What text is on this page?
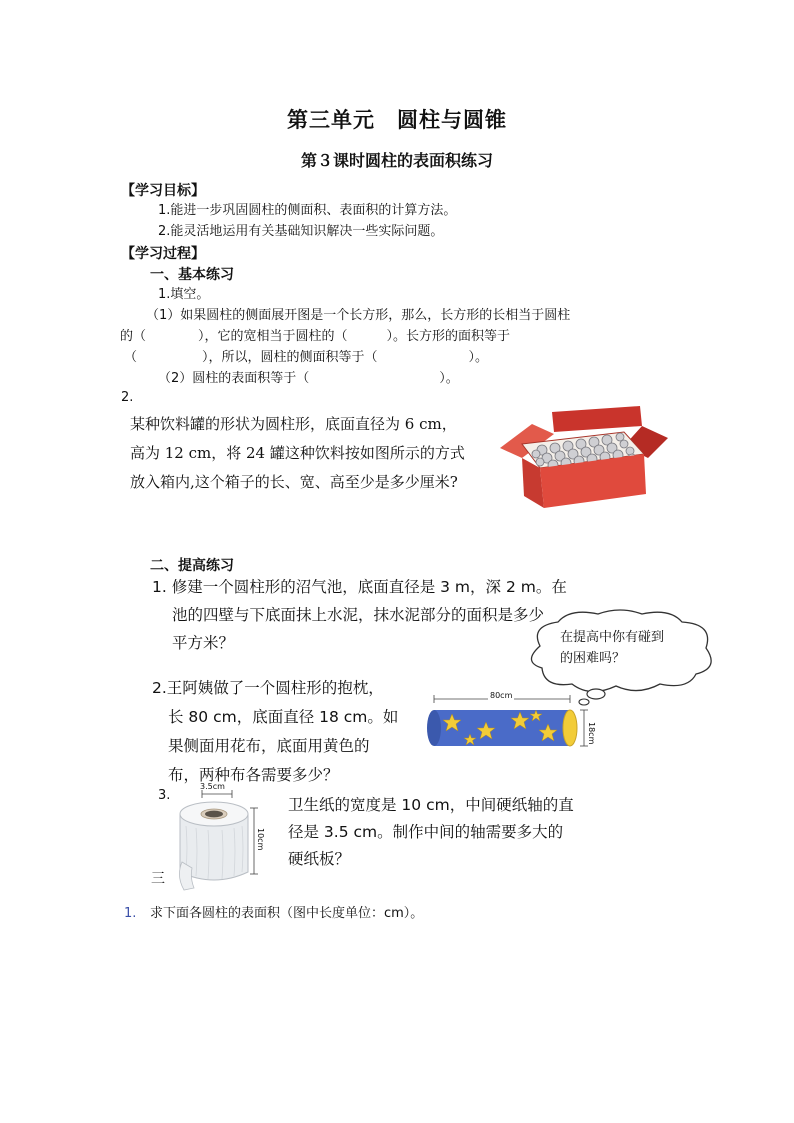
第三单元　圆柱与圆锥
第３课时圆柱的表面积练习
【学习目标】
1.能进一步巩固圆柱的侧面积、表面积的计算方法。
2.能灵活地运用有关基础知识解决一些实际问题。
【学习过程】
一、基本练习
1.填空。
（1）如果圆柱的侧面展开图是一个长方形，那么，长方形的长相当于圆柱
的（　　　　），它的宽相当于圆柱的（　　　）。长方形的面积等于
（　　　　　），所以，圆柱的侧面积等于（　　　　　　　）。
（2）圆柱的表面积等于（　　　　　　　　　　）。
2.
某种饮料罐的形状为圆柱形，底面直径为 6 cm，
高为 12 cm，将 24 罐这种饮料按如图所示的方式
放入箱内,这个箱子的长、宽、高至少是多少厘米?
二、提高练习
1. 修建一个圆柱形的沼气池，底面直径是 3 m，深 2 m。在
池的四壁与下底面抹上水泥，抹水泥部分的面积是多少
平方米？	在提高中你有碰到
的困难吗？
2.王阿姨做了一个圆柱形的抱枕，
长 80 cm，底面直径 18 cm。如
果侧面用花布，底面用黄色的
布，两种布各需要多少？
80cm
18cm
3.
3.5cm
10cm
卫生纸的宽度是 10 cm，中间硬纸轴的直
径是 3.5 cm。制作中间的轴需要多大的
硬纸板？
三
1. 求下面各圆柱的表面积（图中长度单位：cm）。
